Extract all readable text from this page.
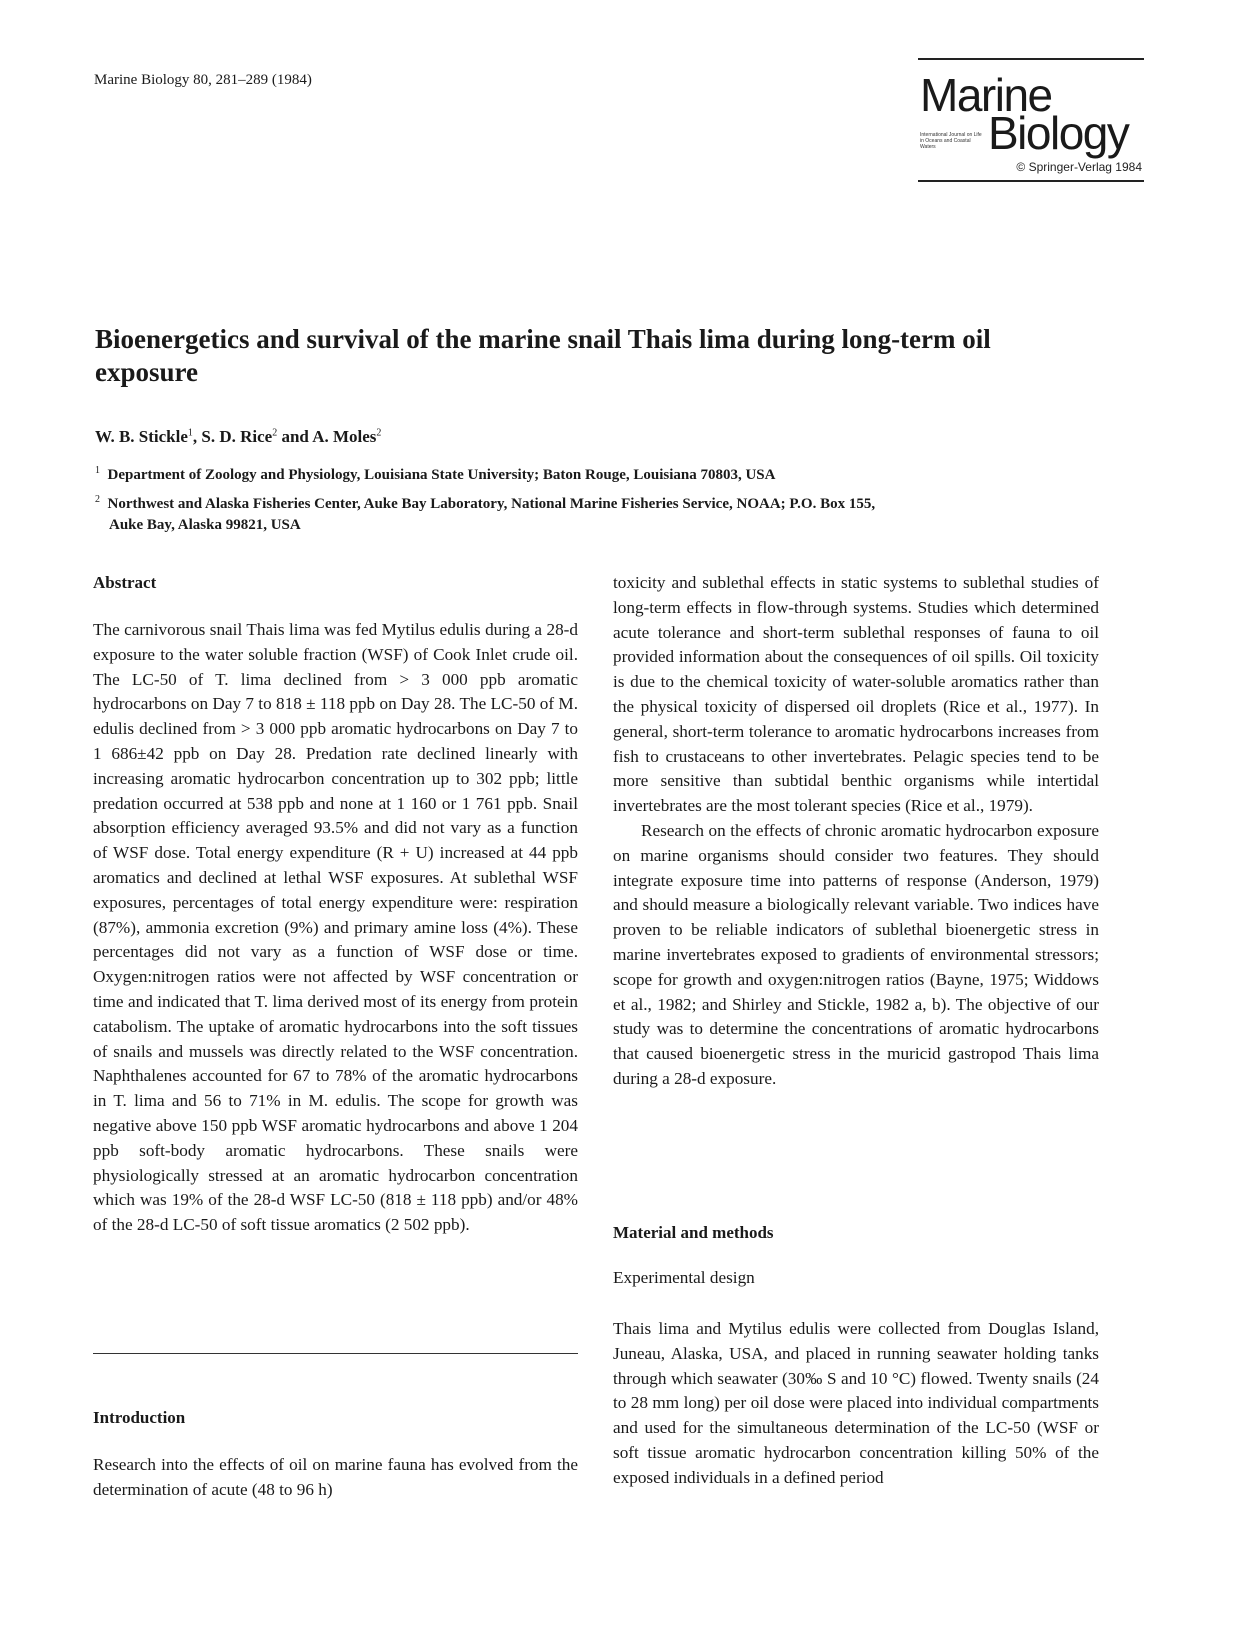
Marine Biology 80, 281–289 (1984)	Marine
International Journal on Life in Oceans and Coastal Waters	Biology
© Springer-Verlag 1984
Bioenergetics and survival of the marine snail Thais lima during long-term oil exposure
W. B. Stickle$^1$, S. D. Rice$^2$ and A. Moles$^2$
$^1$ Department of Zoology and Physiology, Louisiana State University; Baton Rouge, Louisiana 70803, USA
$^2$ Northwest and Alaska Fisheries Center, Auke Bay Laboratory, National Marine Fisheries Service, NOAA; P.O. Box 155, Auke Bay, Alaska 99821, USA
Abstract

The carnivorous snail Thais lima was fed Mytilus edulis during a 28-d exposure to the water soluble fraction (WSF) of Cook Inlet crude oil. The LC-50 of T. lima declined from > 3 000 ppb aromatic hydrocarbons on Day 7 to 818 ± 118 ppb on Day 28. The LC-50 of M. edulis declined from > 3 000 ppb aromatic hydrocarbons on Day 7 to 1 686±42 ppb on Day 28. Predation rate declined linearly with increasing aromatic hydrocarbon concentration up to 302 ppb; little predation occurred at 538 ppb and none at 1 160 or 1 761 ppb. Snail absorption efficiency averaged 93.5% and did not vary as a function of WSF dose. Total energy expenditure (R + U) increased at 44 ppb aromatics and declined at lethal WSF exposures. At sublethal WSF exposures, percentages of total energy expenditure were: respiration (87%), ammonia excretion (9%) and primary amine loss (4%). These percentages did not vary as a function of WSF dose or time. Oxygen:nitrogen ratios were not affected by WSF concentration or time and indicated that T. lima derived most of its energy from protein catabolism. The uptake of aromatic hydrocarbons into the soft tissues of snails and mussels was directly related to the WSF concentration. Naphthalenes accounted for 67 to 78% of the aromatic hydrocarbons in T. lima and 56 to 71% in M. edulis. The scope for growth was negative above 150 ppb WSF aromatic hydrocarbons and above 1 204 ppb soft-body aromatic hydrocarbons. These snails were physiologically stressed at an aromatic hydrocarbon concentration which was 19% of the 28-d WSF LC-50 (818 ± 118 ppb) and/or 48% of the 28-d LC-50 of soft tissue aromatics (2 502 ppb).

Introduction

Research into the effects of oil on marine fauna has evolved from the determination of acute (48 to 96 h)

toxicity and sublethal effects in static systems to sublethal studies of long-term effects in flow-through systems. Studies which determined acute tolerance and short-term sublethal responses of fauna to oil provided information about the consequences of oil spills. Oil toxicity is due to the chemical toxicity of water-soluble aromatics rather than the physical toxicity of dispersed oil droplets (Rice et al., 1977). In general, short-term tolerance to aromatic hydrocarbons increases from fish to crustaceans to other invertebrates. Pelagic species tend to be more sensitive than subtidal benthic organisms while intertidal invertebrates are the most tolerant species (Rice et al., 1979).

Research on the effects of chronic aromatic hydrocarbon exposure on marine organisms should consider two features. They should integrate exposure time into patterns of response (Anderson, 1979) and should measure a biologically relevant variable. Two indices have proven to be reliable indicators of sublethal bioenergetic stress in marine invertebrates exposed to gradients of environmental stressors; scope for growth and oxygen:nitrogen ratios (Bayne, 1975; Widdows et al., 1982; and Shirley and Stickle, 1982 a, b). The objective of our study was to determine the concentrations of aromatic hydrocarbons that caused bioenergetic stress in the muricid gastropod Thais lima during a 28-d exposure.

Material and methods
Experimental design

Thais lima and Mytilus edulis were collected from Douglas Island, Juneau, Alaska, USA, and placed in running seawater holding tanks through which seawater (30‰ S and 10 °C) flowed. Twenty snails (24 to 28 mm long) per oil dose were placed into individual compartments and used for the simultaneous determination of the LC-50 (WSF or soft tissue aromatic hydrocarbon concentration killing 50% of the exposed individuals in a defined period
